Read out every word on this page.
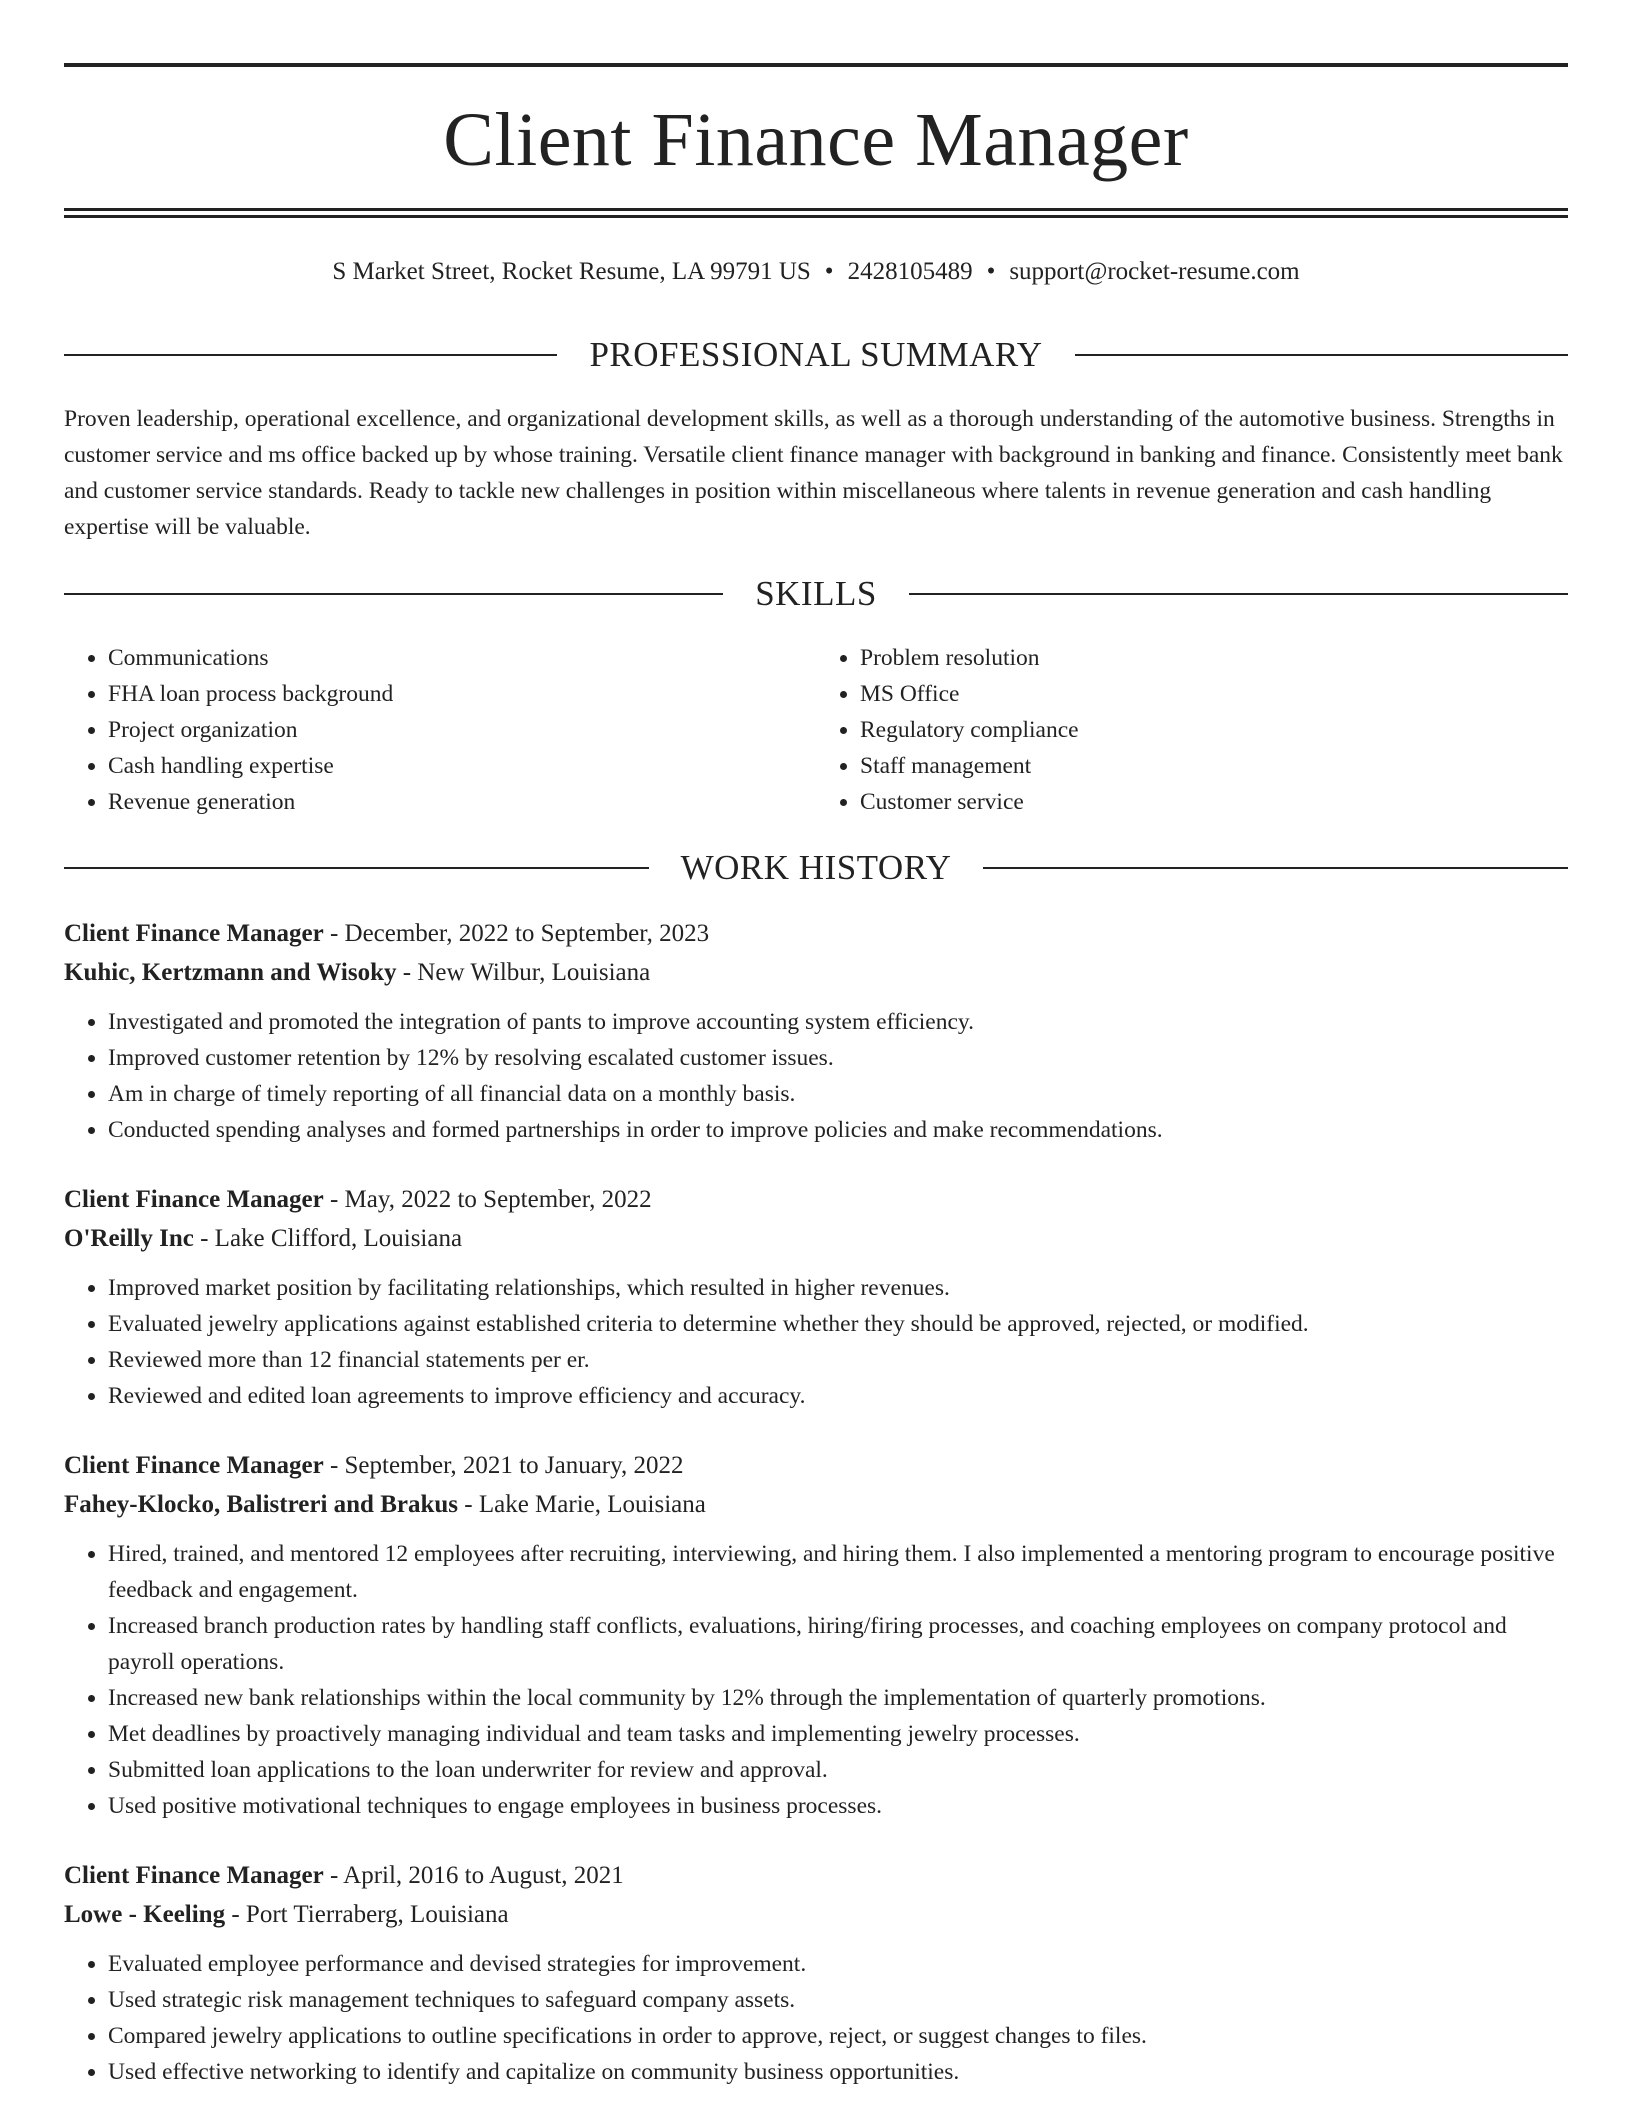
Client Finance Manager
S Market Street, Rocket Resume, LA 99791 US • 2428105489 • support@rocket-resume.com
PROFESSIONAL SUMMARY

Proven leadership, operational excellence, and organizational development skills, as well as a thorough understanding of the automotive business. Strengths in customer service and ms office backed up by whose training. Versatile client finance manager with background in banking and finance. Consistently meet bank and customer service standards. Ready to tackle new challenges in position within miscellaneous where talents in revenue generation and cash handling expertise will be valuable.

SKILLS
• Communications
• FHA loan process background
• Project organization
• Cash handling expertise
• Revenue generation
• Problem resolution
• MS Office
• Regulatory compliance
• Staff management
• Customer service
WORK HISTORY
Client Finance Manager - December, 2022 to September, 2023
Kuhic, Kertzmann and Wisoky - New Wilbur, Louisiana
• Investigated and promoted the integration of pants to improve accounting system efficiency.
• Improved customer retention by 12% by resolving escalated customer issues.
• Am in charge of timely reporting of all financial data on a monthly basis.
• Conducted spending analyses and formed partnerships in order to improve policies and make recommendations.
Client Finance Manager - May, 2022 to September, 2022
O'Reilly Inc - Lake Clifford, Louisiana
• Improved market position by facilitating relationships, which resulted in higher revenues.
• Evaluated jewelry applications against established criteria to determine whether they should be approved, rejected, or modified.
• Reviewed more than 12 financial statements per er.
• Reviewed and edited loan agreements to improve efficiency and accuracy.
Client Finance Manager - September, 2021 to January, 2022
Fahey-Klocko, Balistreri and Brakus - Lake Marie, Louisiana
• Hired, trained, and mentored 12 employees after recruiting, interviewing, and hiring them. I also implemented a mentoring program to encourage positive feedback and engagement.
• Increased branch production rates by handling staff conflicts, evaluations, hiring/firing processes, and coaching employees on company protocol and payroll operations.
• Increased new bank relationships within the local community by 12% through the implementation of quarterly promotions.
• Met deadlines by proactively managing individual and team tasks and implementing jewelry processes.
• Submitted loan applications to the loan underwriter for review and approval.
• Used positive motivational techniques to engage employees in business processes.
Client Finance Manager - April, 2016 to August, 2021
Lowe - Keeling - Port Tierraberg, Louisiana
• Evaluated employee performance and devised strategies for improvement.
• Used strategic risk management techniques to safeguard company assets.
• Compared jewelry applications to outline specifications in order to approve, reject, or suggest changes to files.
• Used effective networking to identify and capitalize on community business opportunities.
